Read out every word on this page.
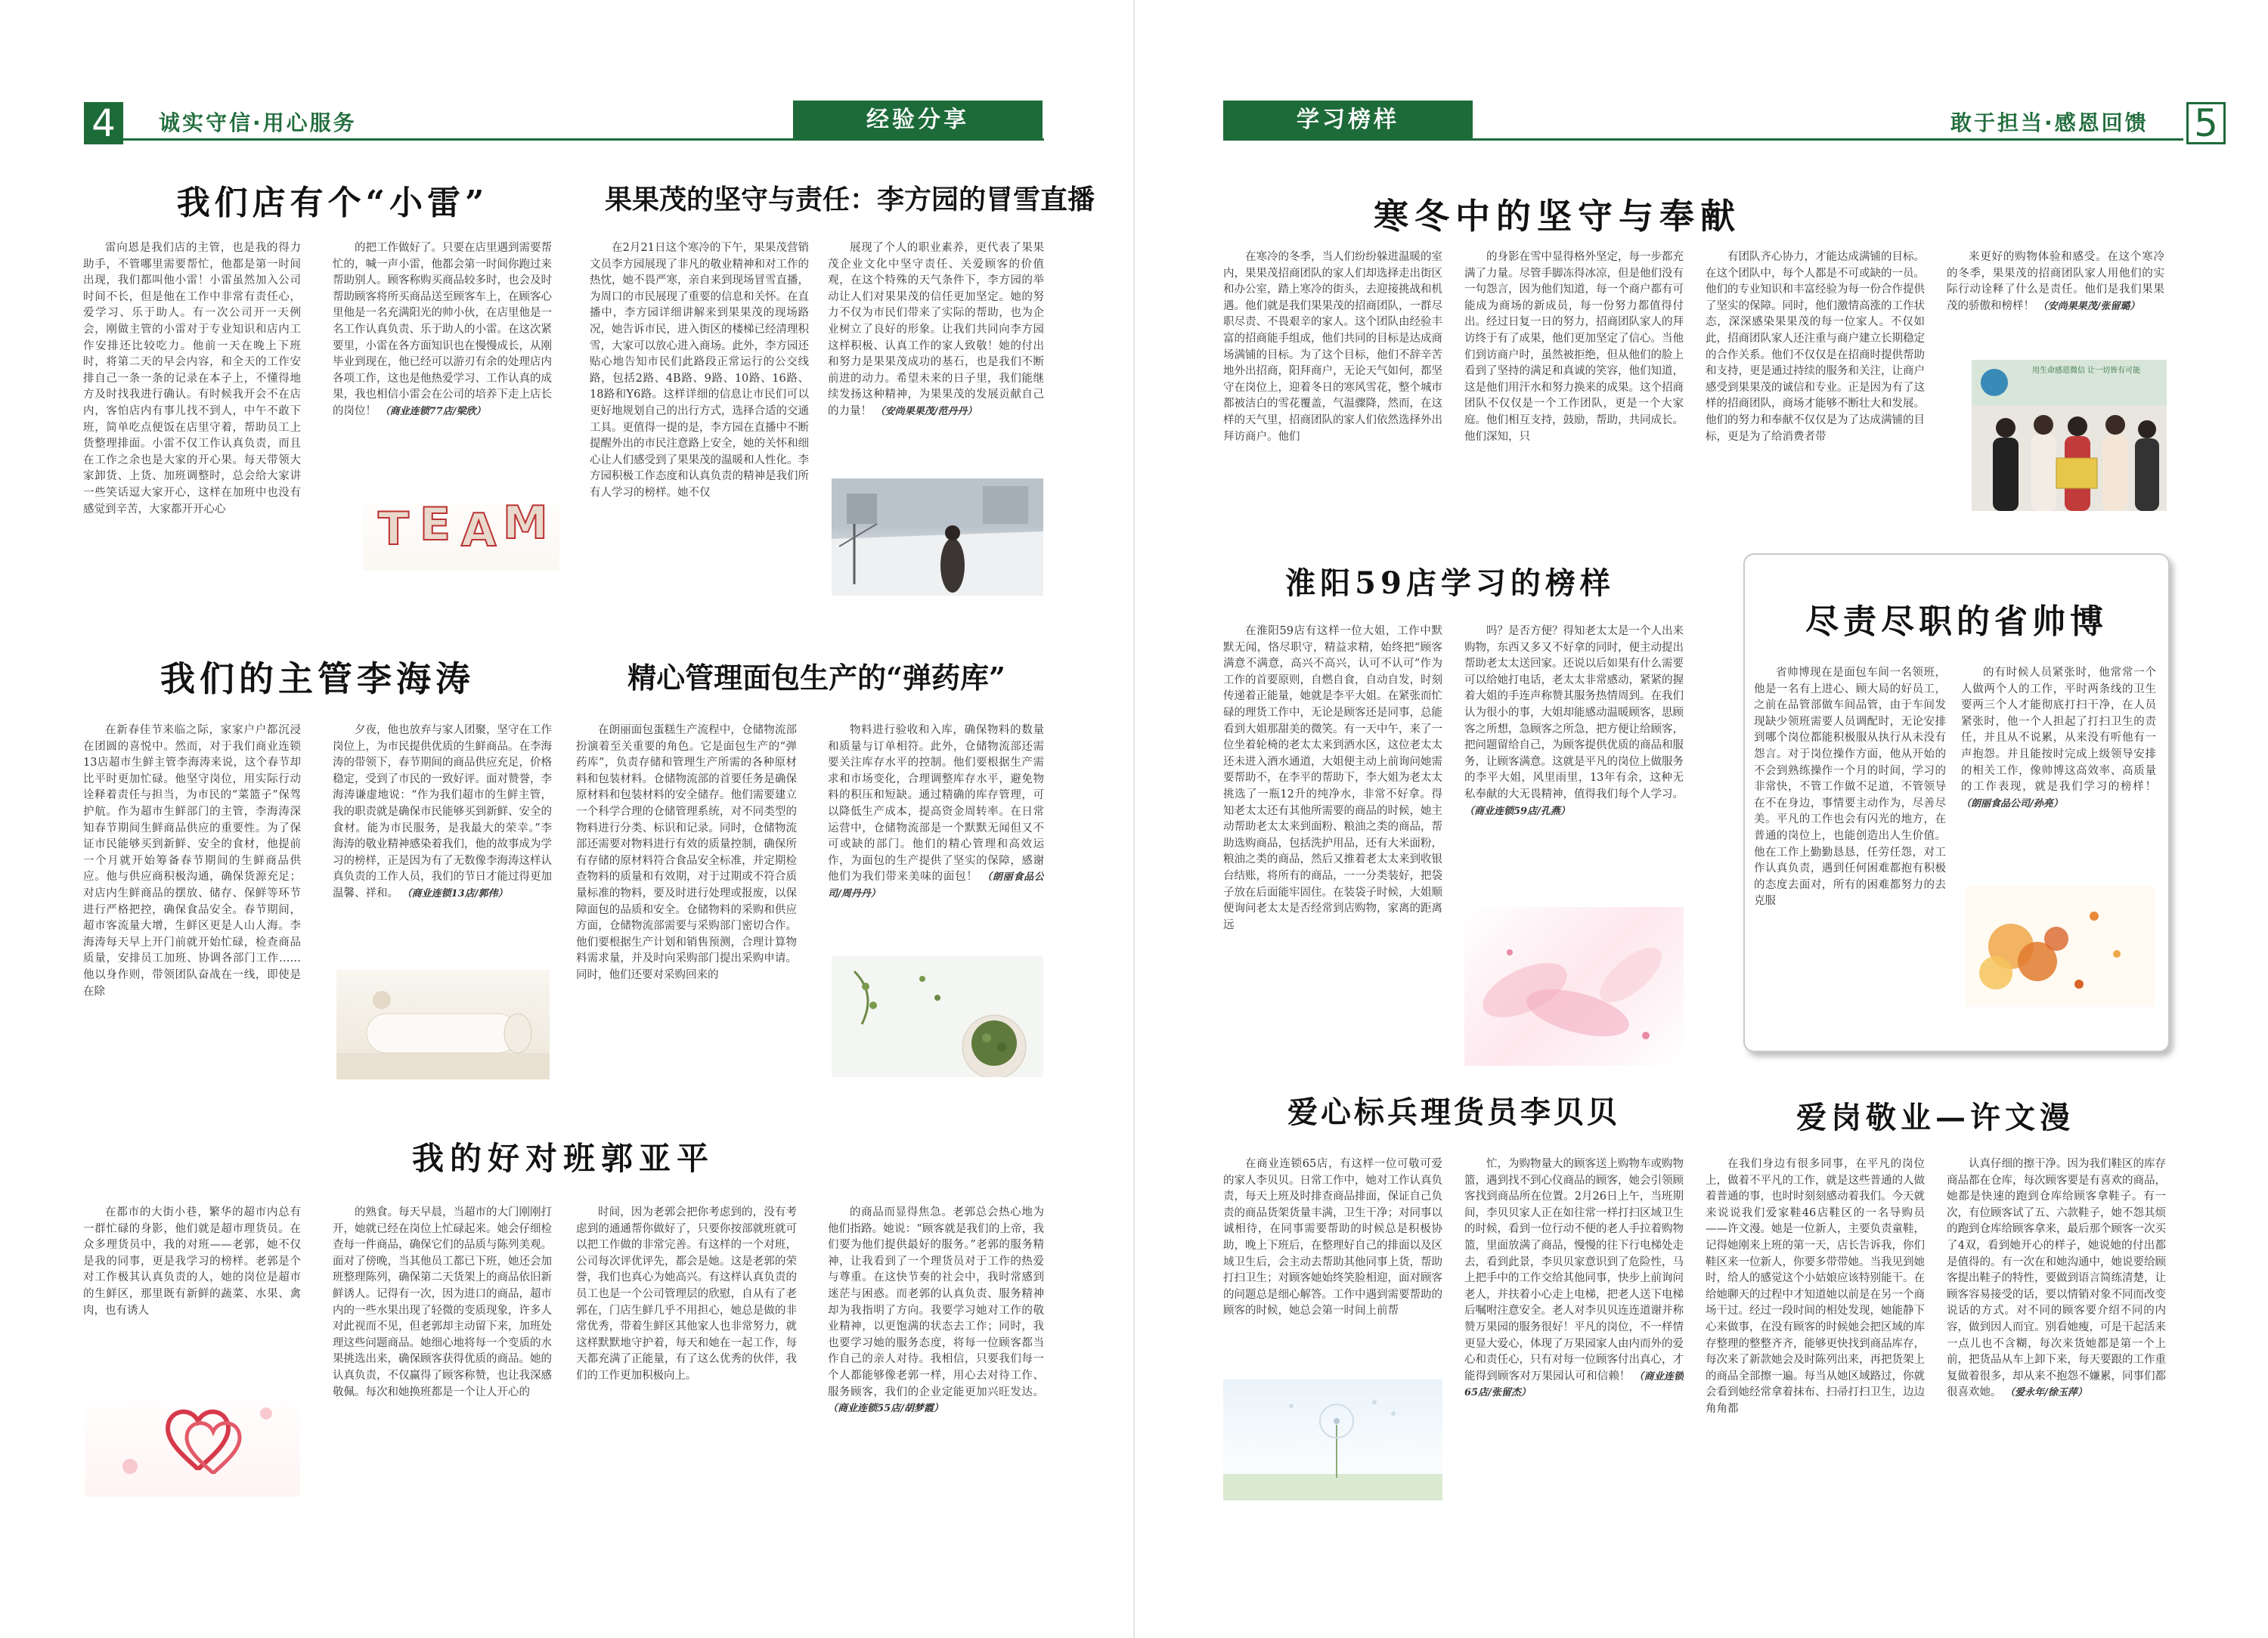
4	诚实守信·用心服务	经验分享
我们店有个“小雷”
雷向恩是我们店的主管，也是我的得力助手，不管哪里需要帮忙，他都是第一时间出现，我们都叫他小雷！小雷虽然加入公司时间不长，但是他在工作中非常有责任心，爱学习、乐于助人。有一次公司开一天例会，刚做主管的小雷对于专业知识和店内工作安排还比较吃力。他前一天在晚上下班时，将第二天的早会内容，和全天的工作安排自己一条一条的记录在本子上，不懂得地方及时找我进行确认。有时候我开会不在店内，客怕店内有事儿找不到人，中午不敢下班，简单吃点便饭在店里守着，帮助员工上货整理排面。小雷不仅工作认真负责，而且在工作之余也是大家的开心果。每天带领大家卸货、上货、加班调整时，总会给大家讲一些笑话逗大家开心，这样在加班中也没有感觉到辛苦，大家都开开心心
的把工作做好了。只要在店里遇到需要帮忙的，喊一声小雷，他都会第一时间你跑过来帮助别人。顾客称购买商品较多时，也会及时帮助顾客将所买商品送至顾客车上，在顾客心里他是一名充满阳光的帅小伙，在店里他是一名工作认真负责、乐于助人的小雷。在这次紧要里，小雷在各方面知识也在慢慢成长，从刚毕业到现在，他已经可以游刃有余的处理店内各项工作，这也是他热爱学习、工作认真的成果，我也相信小雷会在公司的培养下走上店长的岗位！ （商业连锁77店/梁欣）
T E A M
果果茂的坚守与责任：李方园的冒雪直播
在2月21日这个寒冷的下午，果果茂营销文员李方园展现了非凡的敬业精神和对工作的热忱，她不畏严寒，亲自来到现场冒雪直播，为周口的市民展现了重要的信息和关怀。在直播中，李方园详细讲解来到果果茂的现场路况，她告诉市民，进入街区的楼梯已经清理积雪，大家可以放心进入商场。此外，李方园还贴心地告知市民们此路段正常运行的公交线路，包括2路、4B路、9路、10路、16路、18路和Y6路。这样详细的信息让市民们可以更好地规划自己的出行方式，选择合适的交通工具。更值得一提的是，李方园在直播中不断提醒外出的市民注意路上安全，她的关怀和细心让人们感受到了果果茂的温暖和人性化。李方园积极工作态度和认真负责的精神是我们所有人学习的榜样。她不仅
展现了个人的职业素养，更代表了果果茂企业文化中坚守责任、关爱顾客的价值观，在这个特殊的天气条件下，李方园的举动让人们对果果茂的信任更加坚定。她的努力不仅为市民们带来了实际的帮助，也为企业树立了良好的形象。让我们共同向李方园这样积极、认真工作的家人致敬！她的付出和努力是果果茂成功的基石，也是我们不断前进的动力。希望未来的日子里，我们能继续发扬这种精神，为果果茂的发展贡献自己的力量！ （安尚果果茂/范丹丹）
我们的主管李海涛
在新春佳节来临之际，家家户户都沉浸在团圆的喜悦中。然而，对于我们商业连锁13店超市生鲜主管李海涛来说，这个春节却比平时更加忙碌。他坚守岗位，用实际行动诠释着责任与担当，为市民的“菜篮子”保驾护航。作为超市生鲜部门的主管，李海涛深知春节期间生鲜商品供应的重要性。为了保证市民能够买到新鲜、安全的食材，他提前一个月就开始筹备春节期间的生鲜商品供应。他与供应商积极沟通，确保货源充足；对店内生鲜商品的摆放、储存、保鲜等环节进行严格把控，确保食品安全。春节期间，超市客流量大增，生鲜区更是人山人海。李海涛每天早上开门前就开始忙碌，检查商品质量，安排员工加班、协调各部门工作……他以身作则，带领团队奋战在一线，即使是在除
夕夜，他也放弃与家人团聚，坚守在工作岗位上，为市民提供优质的生鲜商品。在李海涛的带领下，春节期间的商品供应充足，价格稳定，受到了市民的一致好评。面对赞誉，李海涛谦虚地说：“作为我们超市的生鲜主管，我的职责就是确保市民能够买到新鲜、安全的食材。能为市民服务，是我最大的荣幸。”李海涛的敬业精神感染着我们，他的故事成为学习的榜样，正是因为有了无数像李海涛这样认真负责的工作人员，我们的节日才能过得更加温馨、祥和。 （商业连锁13店/郭伟）
精心管理面包生产的“弹药库”
在朗丽面包蛋糕生产流程中，仓储物流部扮演着至关重要的角色。它是面包生产的“弹药库”，负责存储和管理生产所需的各种原材料和包装材料。仓储物流部的首要任务是确保原材料和包装材料的安全储存。他们需要建立一个科学合理的仓储管理系统，对不同类型的物料进行分类、标识和记录。同时，仓储物流部还需要对物料进行有效的质量控制，确保所有存储的原材料符合食品安全标准，并定期检查物料的质量和有效期，对于过期或不符合质量标准的物料，要及时进行处理或报废，以保障面包的品质和安全。仓储物料的采购和供应方面，仓储物流部需要与采购部门密切合作。他们要根据生产计划和销售预测，合理计算物料需求量，并及时向采购部门提出采购申请。同时，他们还要对采购回来的
物料进行验收和入库，确保物料的数量和质量与订单相符。此外，仓储物流部还需要关注库存水平的控制。他们要根据生产需求和市场变化，合理调整库存水平，避免物料的积压和短缺。通过精确的库存管理，可以降低生产成本，提高资金周转率。在日常运营中，仓储物流部是一个默默无闻但又不可或缺的部门。他们的精心管理和高效运作，为面包的生产提供了坚实的保障，感谢他们为我们带来美味的面包！ （朗丽食品公司/周丹丹）
我的好对班郭亚平
在都市的大街小巷，繁华的超市内总有一群忙碌的身影，他们就是超市理货员。在众多理货员中，我的对班——老郭，她不仅是我的同事，更是我学习的榜样。老郭是个对工作极其认真负责的人，她的岗位是超市的生鲜区，那里既有新鲜的蔬菜、水果、禽肉，也有诱人
的熟食。每天早晨，当超市的大门刚刚打开，她就已经在岗位上忙碌起来。她会仔细检查每一件商品，确保它们的品质与陈列美观。面对了傍晚，当其他员工都已下班，她还会加班整理陈列，确保第二天货架上的商品依旧新鲜诱人。记得有一次，因为进口的商品，超市内的一些水果出现了轻微的变质现象，许多人对此视而不见，但老郭却主动留下来，加班处理这些问题商品。她细心地将每一个变质的水果挑选出来，确保顾客获得优质的商品。她的认真负责，不仅赢得了顾客称赞，也让我深感敬佩。每次和她换班都是一个让人开心的
时间，因为老郭会把你考虑到的，没有考虑到的通通帮你做好了，只要你按部就班就可以把工作做的非常完善。有这样的一个对班，公司每次评优评先，都会是她。这是老郭的荣誉，我们也真心为她高兴。有这样认真负责的员工也是一个公司管理层的欣慰，自从有了老郭在，门店生鲜几乎不用担心，她总是做的非常优秀，带着生鲜区其他家人也非常努力，就这样默默地守护着，每天和她在一起工作，每天都充满了正能量，有了这么优秀的伙伴，我们的工作更加积极向上。
的商品而显得焦急。老郭总会热心地为他们指路。她说：“顾客就是我们的上帝，我们要为他们提供最好的服务。”老郭的服务精神，让我看到了一个理货员对于工作的热爱与尊重。在这快节奏的社会中，我时常感到迷茫与困惑。而老郭的认真负责、服务精神却为我指明了方向。我要学习她对工作的敬业精神，以更饱满的状态去工作；同时，我也要学习她的服务态度，将每一位顾客都当作自己的亲人对待。我相信，只要我们每一个人都能够像老郭一样，用心去对待工作、服务顾客，我们的企业定能更加兴旺发达。 （商业连锁55店/胡梦霞）
学习榜样	敢于担当·感恩回馈 5
寒冬中的坚守与奉献
在寒冷的冬季，当人们纷纷躲进温暖的室内，果果茂招商团队的家人们却选择走出街区和办公室，踏上寒冷的街头，去迎接挑战和机遇。他们就是我们果果茂的招商团队，一群尽职尽责、不畏艰辛的家人。这个团队由经验丰富的招商能手组成，他们共同的目标是达成商场满铺的目标。为了这个目标，他们不辞辛苦地外出招商，阳拜商户，无论天气如何，都坚守在岗位上，迎着冬日的寒风雪花，整个城市都被洁白的雪花覆盖，气温骤降，然而，在这样的天气里，招商团队的家人们依然选择外出拜访商户。他们
的身影在雪中显得格外坚定，每一步都充满了力量。尽管手脚冻得冰凉，但是他们没有一句怨言，因为他们知道，每一个商户都有可能成为商场的新成员，每一份努力都值得付出。经过日复一日的努力，招商团队家人的拜访终于有了成果，他们更加坚定了信心。当他们到访商户时，虽然被拒绝，但从他们的脸上看到了坚持的满足和真诚的笑容，他们知道，这是他们用汗水和努力换来的成果。这个招商团队不仅仅是一个工作团队，更是一个大家庭。他们相互支持，鼓励，帮助，共同成长。他们深知，只
有团队齐心协力，才能达成满铺的目标。在这个团队中，每个人都是不可或缺的一员。他们的专业知识和丰富经验为每一份合作提供了坚实的保障。同时，他们激情高涨的工作状态，深深感染果果茂的每一位家人。不仅如此，招商团队家人还注重与商户建立长期稳定的合作关系。他们不仅仅是在招商时提供帮助和支持，更是通过持续的服务和关注，让商户感受到果果茂的诚信和专业。正是因为有了这样的招商团队，商场才能够不断壮大和发展。他们的努力和奉献不仅仅是为了达成满铺的目标，更是为了给消费者带
来更好的购物体验和感受。在这个寒冷的冬季，果果茂的招商团队家人用他们的实际行动诠释了什么是责任。他们是我们果果茂的骄傲和榜样！ （安尚果果茂/张留璐）
用生命感恩微信 让一切皆有可能
淮阳59店学习的榜样
在淮阳59店有这样一位大姐，工作中默默无闻，恪尽职守，精益求精，始终把“顾客满意不满意，高兴不高兴，认可不认可”作为工作的首要原则，自燃自食，自动自发，时刻传递着正能量，她就是李平大姐。在紧张而忙碌的理货工作中，无论是顾客还是同事，总能看到大姐那甜美的微笑。有一天中午，来了一位坐着轮椅的老太太来到酒水区，这位老太太还未进入酒水通道，大姐便主动上前询问她需要帮助不，在李平的帮助下，李大姐为老太太挑选了一瓶12升的纯净水，非常不好拿。得知老太太还有其他所需要的商品的时候，她主动帮助老太太来到面粉、粮油之类的商品，帮助选购商品，包括洗护用品，还有大米面粉，粮油之类的商品，然后又推着老太太来到收银台结账，将所有的商品，一一分类装好，把袋子放在后面能牢固住。在装袋子时候，大姐顺便询问老太太是否经常到店购物，家离的距离远
吗？是否方便？得知老太太是一个人出来购物，东西又多又不好拿的同时，便主动提出帮助老太太送回家。还说以后如果有什么需要可以给她打电话，老太太非常感动，紧紧的握着大姐的手连声称赞其服务热情周到。在我们认为很小的事，大姐却能感动温暖顾客，思顾客之所想，急顾客之所急，把方便让给顾客，把问题留给自己，为顾客提供优质的商品和服务，让顾客满意。这就是平凡的岗位上做服务的李平大姐，风里雨里，13年有余，这种无私奉献的大无畏精神，值得我们每个人学习。 （商业连锁59店/孔燕）
尽责尽职的省帅博
省帅博现在是面包车间一名领班，他是一名有上进心、顾大局的好员工，之前在品管部做车间品管，由于车间发现缺少领班需要人员调配时，无论安排到哪个岗位都能积极服从执行从未没有怨言。对于岗位操作方面，他从开始的不会到熟练操作一个月的时间，学习的非常快，不管工作做不足道，不管领导在不在身边，事情要主动作为，尽善尽美。平凡的工作也会有闪光的地方，在普通的岗位上，也能创造出人生价值。他在工作上勤勤恳恳，任劳任怨，对工作认真负责，遇到任何困难都抱有积极的态度去面对，所有的困难都努力的去克服
的有时候人员紧张时，他常常一个人做两个人的工作，平时两条线的卫生要两三个人才能彻底打扫干净，在人员紧张时，他一个人担起了打扫卫生的责任，并且从不说累，从来没有听他有一声抱怨。并且能按时完成上级领导安排的相关工作，像帅博这高效率、高质量的工作表现，就是我们学习的榜样！ （朗丽食品公司/孙亮）
爱心标兵理货员李贝贝
在商业连锁65店，有这样一位可敬可爱的家人李贝贝。日常工作中，她对工作认真负责，每天上班及时排查商品排面，保证自己负责的商品货架货量丰满，卫生干净；对同事以诚相待，在同事需要帮助的时候总是积极协助，晚上下班后，在整理好自己的排面以及区域卫生后，会主动去帮助其他同事上货，帮助打扫卫生；对顾客她始终笑脸相迎，面对顾客的问题总是细心解答。工作中遇到需要帮助的顾客的时候，她总会第一时间上前帮
忙，为购物量大的顾客送上购物车或购物篮，遇到找不到心仪商品的顾客，她会引领顾客找到商品所在位置。2月26日上午，当班期间，李贝贝家人正在如往常一样打扫区域卫生的时候，看到一位行动不便的老人手拉着购物篮，里面放满了商品，慢慢的往下行电梯处走去，看到此景，李贝贝家意识到了危险性，马上把手中的工作交给其他同事，快步上前询问老人，并扶着小心走上电梯，把老人送下电梯后嘱咐注意安全。老人对李贝贝连连道谢并称赞万果园的服务很好！平凡的岗位，不一样情更显大爱心，体现了万果园家人由内而外的爱心和责任心，只有对每一位顾客付出真心，才能得到顾客对万果园认可和信赖！ （商业连锁65店/张留杰）
爱岗敬业—许文漫
在我们身边有很多同事，在平凡的岗位上，做着不平凡的工作，就是这些普通的人做着普通的事，也时时刻刻感动着我们。今天就来说说我们爱家鞋46店鞋区的一名导购员——许文漫。她是一位新人，主要负责童鞋，记得她刚来上班的第一天，店长告诉我，你们鞋区来一位新人，你要多带带她。当我见到她时，给人的感觉这个小姑娘应该特别能干。在给她聊天的过程中才知道她以前是在另一个商场干过。经过一段时间的相处发现，她能静下心来做事，在没有顾客的时候她会把区域的库存整理的整整齐齐，能够更快找到商品库存，每次来了新款她会及时陈列出来，再把货架上的商品全部擦一遍。每当从她区域路过，你就会看到她经常拿着抹布、扫帚打扫卫生，边边角角都
认真仔细的擦干净。因为我们鞋区的库存商品都在仓库，每次顾客要是有喜欢的商品，她都是快速的跑到仓库给顾客拿鞋子。有一次，有位顾客试了五、六款鞋子，她不怨其烦的跑到仓库给顾客拿来，最后那个顾客一次买了4双，看到她开心的样子，她说她的付出都是值得的。有一次在和她沟通中，她说要给顾客提出鞋子的特性，要做到语言简练清楚，让顾客容易接受的话，要以情销对象不同而改变说话的方式。对不同的顾客要介绍不同的内容，做到因人而宜。别看她瘦，可是干起活来一点儿也不含糊，每次来货她都是第一个上前，把货品从车上卸下来，每天要跟的工作重复做着很多，却从来不抱怨不嫌累，同事们都很喜欢她。 （爱永年/徐玉萍）
